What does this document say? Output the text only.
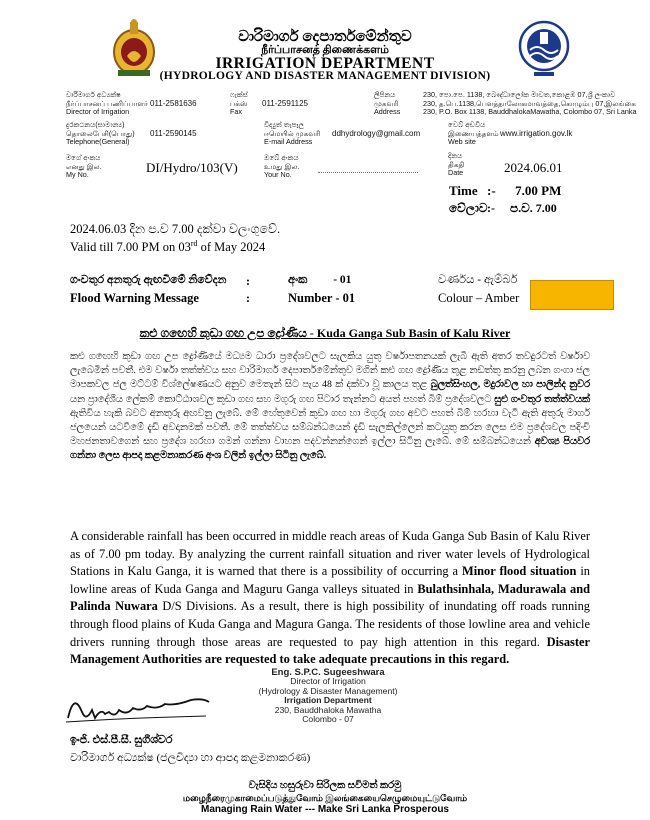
වාරිමාර්ග දෙපාර්තමේන්තුව
நீர்ப்பாசனத் திணைக்களம்
IRRIGATION DEPARTMENT
(HYDROLOGY AND DISASTER MANAGEMENT DIVISION)
වාරිමාර්ග අධ්‍යක්ෂ
நீர்ப்பாசனப் பணிப்பாளர்
Director of Irrigation
011-2581636
ෆැක්ස්
பக்ஸ்
Fax
011-2591125
ලිපිනය
முகவரி
Address
230, පො.පෙ. 1138, බෞද්ධාලෝක මාවත,කොළඹ 07,ශ්‍රී ලංකාව
230, த.பெ.1138,பௌத்தாலோகமாவத்தை,கொழும்பு 07,இலங்கை
230, P.O. Box 1138, BauddhalokaMawatha, Colombo 07, Sri Lanka
දුරකථනය(සාමාන්‍ය)
தொலைபேசி(பொது)
Telephone(General)
011-2590145
විද්‍යුත් තැපෑල
ஈமெயில் முகவரி
E-mail Address
ddhydrology@gmail.com
වෙබ් අඩවිය
இணையத்தளம்
Web site
www.irrigation.gov.lk
මගේ අංකය
எனது இல.
My No.	DI/Hydro/103(V)
ඔබේ අංකය
உமது இல.
Your No.
දිනය
திகதி
Date	2024.06.01
Time :-      7.00 PM
වේලාව :-     ප.ව. 7.00
2024.06.03 දින ප.ව 7.00 දක්වා වලංගුවේ.
Valid till 7.00 PM on 03rd of May 2024
ගංවතුර අනතුරු ඇඟවීමේ නිවේදන
Flood Warning Message
:
:
අංක         - 01
Number - 01
වර්ණය - ඇම්බර්
Colour – Amber
කළු ගඟෙහි කුඩා ගඟ උප ද්‍රෝණිය - Kuda Ganga Sub Basin of Kalu River
කළු ගඟෙහි කුඩා ගඟ උප ද්‍රෝණියේ මධ්‍යම ධාරා ප්‍රදේශවලට සැලකිය යුතු වර්ෂාපතනයක් ලැබී ඇති අතර තවදුරටත් වර්ෂාව ලැබෙමින් පවතී. එම වර්ෂා තත්ත්වය සහ වාරිමාර්ග දෙපාර්තමේන්තුව මගින් කළු ගඟ ද්‍රෝණිය තුළ නඩත්තු කරනු ලබන ගංගා ජල මාපකවල ජල මට්ටම් විශ්ලේෂණයට අනුව මෙතැන් සිට පැය 48 ක් දක්වා වූ කාලය තුළ බුලත්සිංහල, මදුරාවල හා පාලින්ද නුවර යන ප්‍රාදේශීය ලේකම් කොට්ඨාශවල කුඩා ගඟ සහ මගුරු ගඟ පිටාර තැන්නට අයත් පහත් බිම් ප්‍රදේශවලට සුළු ගංවතුර තත්ත්වයක් ඇතිවිය හැකි බවට අනතුරු අඟවනු ලැබේ. මේ හේතුවෙන් කුඩා ගඟ හා මගුරු ගඟ අවට පහත් බිම් හරහා වැටී ඇති අතුරු මාර්ග ජලයෙන් යටවීමේ දැඩි අවදානමක් පවතී. මේ තත්ත්වය සම්බන්ධයෙන් දැඩි සැලකිල්ලෙන් කටයුතු කරන ලෙස එම ප්‍රදේශවල පදිංචි මහජනතාවගෙන් සහ ප්‍රදේශ හරහා ගමන් ගන්නා වාහන පදවන්නන්ගෙන් ඉල්ලා සිටිනු ලැබේ. මේ සම්බන්ධයෙන් අවශ්‍ය පියවර ගන්නා ලෙස ආපදා කළමනාකරණ අංශ වලින් ඉල්ලා සිටිනු ලැබේ.
A considerable rainfall has been occurred in middle reach areas of Kuda Ganga Sub Basin of Kalu River as of 7.00 pm today. By analyzing the current rainfall situation and river water levels of Hydrological Stations in Kalu Ganga, it is warned that there is a possibility of occurring a Minor flood situation in lowline areas of Kuda Ganga and Maguru Ganga valleys situated in Bulathsinhala, Madurawala and Palinda Nuwara D/S Divisions. As a result, there is high possibility of inundating off roads running through flood plains of Kuda Ganga and Magura Ganga. The residents of those lowline area and vehicle drivers running through those areas are requested to pay high attention in this regard. Disaster Management Authorities are requested to take adequate precautions in this regard.
Eng. S.P.C. Sugeeshwara
Director of Irrigation
(Hydrology & Disaster Management)
Irrigation Department
230, Bauddhaloka Mawatha
Colombo - 07
ඉංජි. එස්.පී.සී. සුගීශ්වර
වාරිමාර්ග අධ්‍යක්ෂ (ජලවිද්‍යා හා ආපදා කළමනාකරණ)
වැසිදිය හසුරුවා සිරිලක සවිමත් කරමු
மழைநீரைமுகாமைப்படுத்துவோம் இலங்கையைசெழுமையுட்டுவோம்
Managing Rain Water --- Make Sri Lanka Prosperous
